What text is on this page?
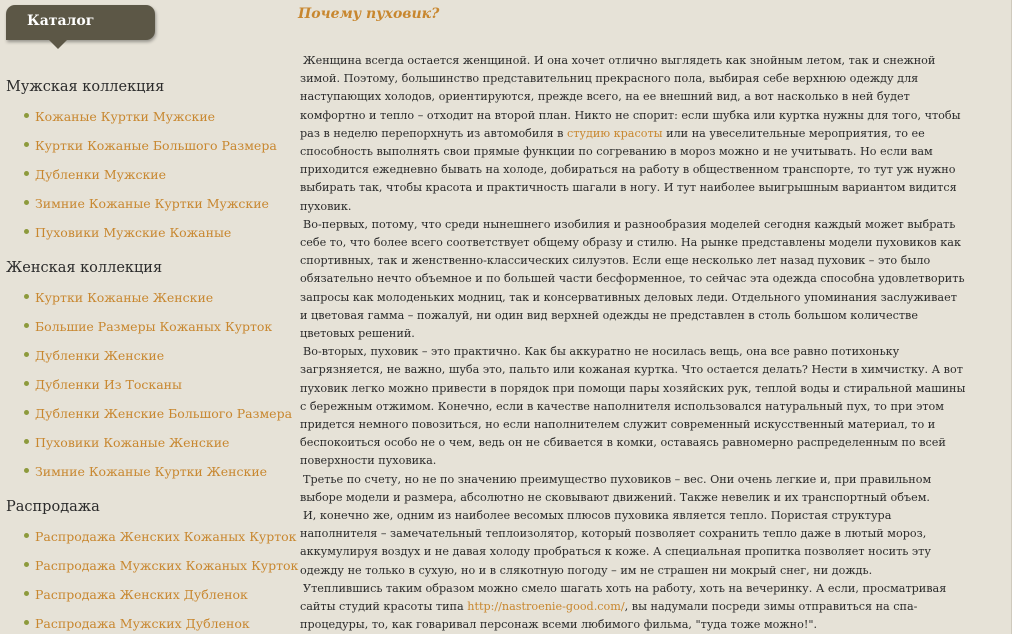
Каталог
Мужская коллекция
Кожаные Куртки Мужские
Куртки Кожаные Большого Размера
Дубленки Мужские
Зимние Кожаные Куртки Мужские
Пуховики Мужские Кожаные
Женская коллекция
Куртки Кожаные Женские
Большие Размеры Кожаных Курток
Дубленки Женские
Дубленки Из Тосканы
Дубленки Женские Большого Размера
Пуховики Кожаные Женские
Зимние Кожаные Куртки Женские
Распродажа
Распродажа Женских Кожаных Курток
Распродажа Мужских Кожаных Курток
Распродажа Женских Дубленок
Распродажа Мужских Дубленок
Почему пуховик?

Женщина всегда остается женщиной. И она хочет отлично выглядеть как знойным летом, так и снежной зимой. Поэтому, большинство представительниц прекрасного пола, выбирая себе верхнюю одежду для наступающих холодов, ориентируются, прежде всего, на ее внешний вид, а вот насколько в ней будет комфортно и тепло – отходит на второй план. Никто не спорит: если шубка или куртка нужны для того, чтобы раз в неделю перепорхнуть из автомобиля в студию красоты или на увеселительные мероприятия, то ее способность выполнять свои прямые функции по согреванию в мороз можно и не учитывать. Но если вам приходится ежедневно бывать на холоде, добираться на работу в общественном транспорте, то тут уж нужно выбирать так, чтобы красота и практичность шагали в ногу. И тут наиболее выигрышным вариантом видится пуховик.

Во-первых, потому, что среди нынешнего изобилия и разнообразия моделей сегодня каждый может выбрать себе то, что более всего соответствует общему образу и стилю. На рынке представлены модели пуховиков как спортивных, так и женственно-классических силуэтов. Если еще несколько лет назад пуховик – это было обязательно нечто объемное и по большей части бесформенное, то сейчас эта одежда способна удовлетворить запросы как молоденьких модниц, так и консервативных деловых леди. Отдельного упоминания заслуживает и цветовая гамма – пожалуй, ни один вид верхней одежды не представлен в столь большом количестве цветовых решений.

Во-вторых, пуховик – это практично. Как бы аккуратно не носилась вещь, она все равно потихоньку загрязняется, не важно, шуба это, пальто или кожаная куртка. Что остается делать? Нести в химчистку. А вот пуховик легко можно привести в порядок при помощи пары хозяйских рук, теплой воды и стиральной машины с бережным отжимом. Конечно, если в качестве наполнителя использовался натуральный пух, то при этом придется немного повозиться, но если наполнителем служит современный искусственный материал, то и беспокоиться особо не о чем, ведь он не сбивается в комки, оставаясь равномерно распределенным по всей поверхности пуховика.

Третье по счету, но не по значению преимущество пуховиков – вес. Они очень легкие и, при правильном выборе модели и размера, абсолютно не сковывают движений. Также невелик и их транспортный объем.

И, конечно же, одним из наиболее весомых плюсов пуховика является тепло. Пористая структура наполнителя – замечательный теплоизолятор, который позволяет сохранить тепло даже в лютый мороз, аккумулируя воздух и не давая холоду пробраться к коже. А специальная пропитка позволяет носить эту одежду не только в сухую, но и в слякотную погоду – им не страшен ни мокрый снег, ни дождь.

Утеплившись таким образом можно смело шагать хоть на работу, хоть на вечеринку. А если, просматривая сайты студий красоты типа http://nastroenie-good.com/, вы надумали посреди зимы отправиться на спа-процедуры, то, как говаривал персонаж всеми любимого фильма, "туда тоже можно!".
